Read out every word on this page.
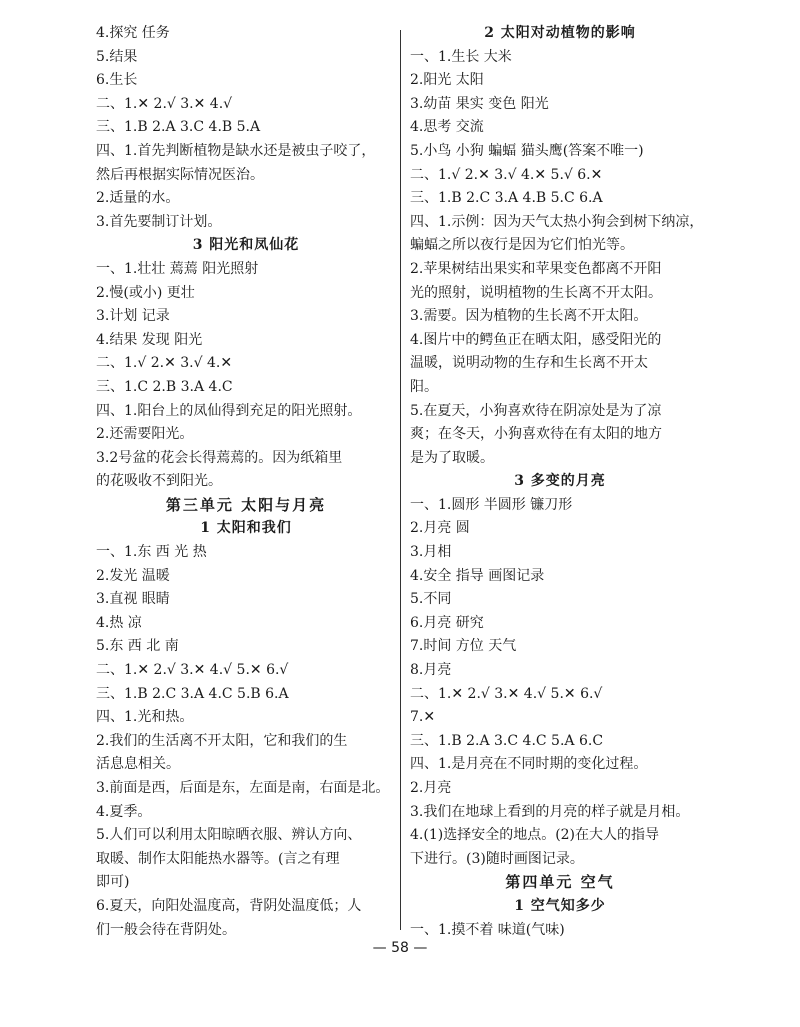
4.探究 任务
5.结果
6.生长
二、1.✕ 2.√ 3.✕ 4.√
三、1.B 2.A 3.C 4.B 5.A
四、1.首先判断植物是缺水还是被虫子咬了，
然后再根据实际情况医治。
2.适量的水。
3.首先要制订计划。
3 阳光和凤仙花
一、1.壮壮 蔫蔫 阳光照射
2.慢(或小) 更壮
3.计划 记录
4.结果 发现 阳光
二、1.√ 2.✕ 3.√ 4.✕
三、1.C 2.B 3.A 4.C
四、1.阳台上的凤仙得到充足的阳光照射。
2.还需要阳光。
3.2号盆的花会长得蔫蔫的。因为纸箱里
的花吸收不到阳光。
第三单元 太阳与月亮
1 太阳和我们
一、1.东 西 光 热
2.发光 温暖
3.直视 眼睛
4.热 凉
5.东 西 北 南
二、1.✕ 2.√ 3.✕ 4.√ 5.✕ 6.√
三、1.B 2.C 3.A 4.C 5.B 6.A
四、1.光和热。
2.我们的生活离不开太阳，它和我们的生
活息息相关。
3.前面是西，后面是东，左面是南，右面是北。
4.夏季。
5.人们可以利用太阳晾晒衣服、辨认方向、
取暖、制作太阳能热水器等。(言之有理
即可)
6.夏天，向阳处温度高，背阴处温度低；人
们一般会待在背阴处。
2 太阳对动植物的影响
一、1.生长 大米
2.阳光 太阳
3.幼苗 果实 变色 阳光
4.思考 交流
5.小鸟 小狗 蝙蝠 猫头鹰(答案不唯一)
二、1.√ 2.✕ 3.√ 4.✕ 5.√ 6.✕
三、1.B 2.C 3.A 4.B 5.C 6.A
四、1.示例：因为天气太热小狗会到树下纳凉，
蝙蝠之所以夜行是因为它们怕光等。
2.苹果树结出果实和苹果变色都离不开阳
光的照射，说明植物的生长离不开太阳。
3.需要。因为植物的生长离不开太阳。
4.图片中的鳄鱼正在晒太阳，感受阳光的
温暖，说明动物的生存和生长离不开太
阳。
5.在夏天，小狗喜欢待在阴凉处是为了凉
爽；在冬天，小狗喜欢待在有太阳的地方
是为了取暖。
3 多变的月亮
一、1.圆形 半圆形 镰刀形
2.月亮 圆
3.月相
4.安全 指导 画图记录
5.不同
6.月亮 研究
7.时间 方位 天气
8.月亮
二、1.✕ 2.√ 3.✕ 4.√ 5.✕ 6.√
7.✕
三、1.B 2.A 3.C 4.C 5.A 6.C
四、1.是月亮在不同时期的变化过程。
2.月亮
3.我们在地球上看到的月亮的样子就是月相。
4.(1)选择安全的地点。(2)在大人的指导
下进行。(3)随时画图记录。
第四单元 空气
1 空气知多少
一、1.摸不着 味道(气味)
— 58 —
